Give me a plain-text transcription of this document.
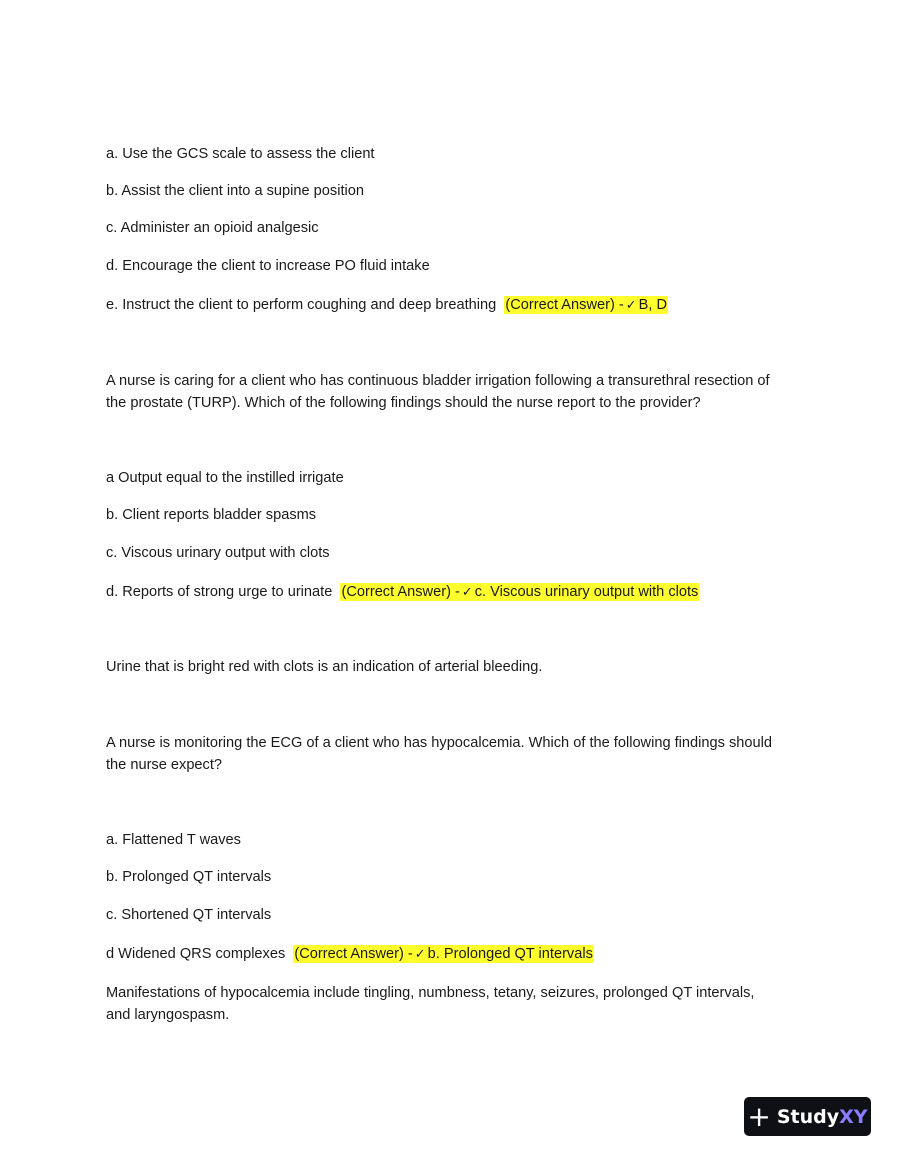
a. Use the GCS scale to assess the client
b. Assist the client into a supine position
c. Administer an opioid analgesic
d. Encourage the client to increase PO fluid intake
e. Instruct the client to perform coughing and deep breathing (Correct Answer) - ✓ B, D
A nurse is caring for a client who has continuous bladder irrigation following a transurethral resection of
the prostate (TURP). Which of the following findings should the nurse report to the provider?
a Output equal to the instilled irrigate
b. Client reports bladder spasms
c. Viscous urinary output with clots
d. Reports of strong urge to urinate (Correct Answer) - ✓ c. Viscous urinary output with clots
Urine that is bright red with clots is an indication of arterial bleeding.
A nurse is monitoring the ECG of a client who has hypocalcemia. Which of the following findings should
the nurse expect?
a. Flattened T waves
b. Prolonged QT intervals
c. Shortened QT intervals
d Widened QRS complexes (Correct Answer) - ✓ b. Prolonged QT intervals
Manifestations of hypocalcemia include tingling, numbness, tetany, seizures, prolonged QT intervals,
and laryngospasm.
+ Study XY
